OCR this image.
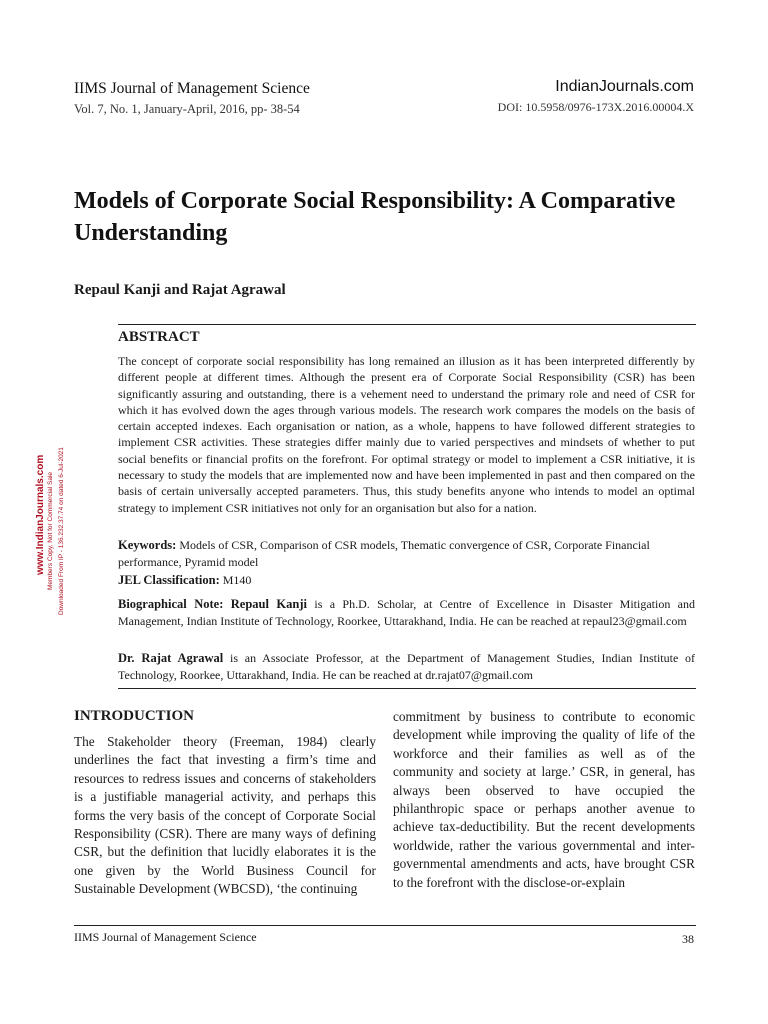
IIMS Journal of Management Science
Vol. 7, No. 1, January-April, 2016, pp- 38-54
IndianJournals.com
DOI: 10.5958/0976-173X.2016.00004.X
Models of Corporate Social Responsibility: A Comparative Understanding
Repaul Kanji and Rajat Agrawal
ABSTRACT

The concept of corporate social responsibility has long remained an illusion as it has been interpreted differently by different people at different times. Although the present era of Corporate Social Responsibility (CSR) has been significantly assuring and outstanding, there is a vehement need to understand the primary role and need of CSR for which it has evolved down the ages through various models. The research work compares the models on the basis of certain accepted indexes. Each organisation or nation, as a whole, happens to have followed different strategies to implement CSR activities. These strategies differ mainly due to varied perspectives and mindsets of whether to put social benefits or financial profits on the forefront. For optimal strategy or model to implement a CSR initiative, it is necessary to study the models that are implemented now and have been implemented in past and then compared on the basis of certain universally accepted parameters. Thus, this study benefits anyone who intends to model an optimal strategy to implement CSR initiatives not only for an organisation but also for a nation.

Keywords: Models of CSR, Comparison of CSR models, Thematic convergence of CSR, Corporate Financial performance, Pyramid model

JEL Classification: M140

Biographical Note: Repaul Kanji is a Ph.D. Scholar, at Centre of Excellence in Disaster Mitigation and Management, Indian Institute of Technology, Roorkee, Uttarakhand, India. He can be reached at repaul23@gmail.com

Dr. Rajat Agrawal is an Associate Professor, at the Department of Management Studies, Indian Institute of Technology, Roorkee, Uttarakhand, India. He can be reached at dr.rajat07@gmail.com

INTRODUCTION

The Stakeholder theory (Freeman, 1984) clearly underlines the fact that investing a firm’s time and resources to redress issues and concerns of stakeholders is a justifiable managerial activity, and perhaps this forms the very basis of the concept of Corporate Social Responsibility (CSR). There are many ways of defining CSR, but the definition that lucidly elaborates it is the one given by the World Business Council for Sustainable Development (WBCSD), ‘the continuing

commitment by business to contribute to economic development while improving the quality of life of the workforce and their families as well as of the community and society at large.’ CSR, in general, has always been observed to have occupied the philanthropic space or perhaps another avenue to achieve tax-deductibility. But the recent developments worldwide, rather the various governmental and inter-governmental amendments and acts, have brought CSR to the forefront with the disclose-or-explain

IIMS Journal of Management Science	38
www.IndianJournals.com Members Copy, Not for Commercial Sale Downloaded From IP - 136.232.37.74 on dated 6-Jul-2021
